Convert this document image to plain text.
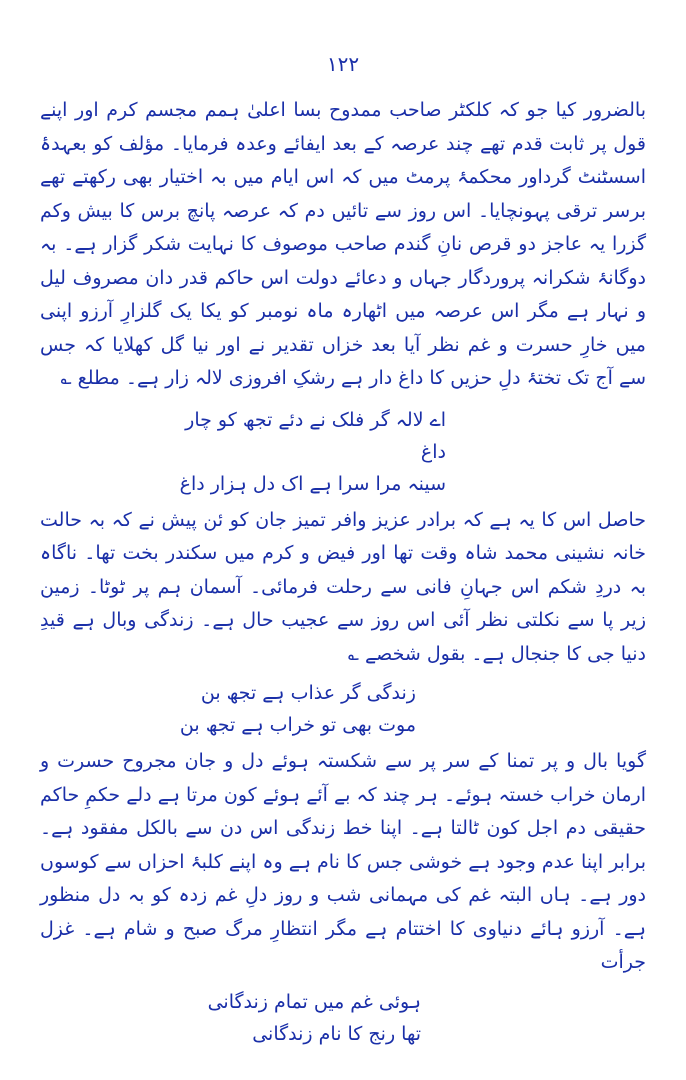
۱۲۲

بالضرور کیا جو کہ کلکٹر صاحب ممدوح بسا اعلیٰ ہمم مجسم کرم اور اپنے قول پر ثابت قدم تھے چند عرصہ کے بعد ایفائے وعدہ فرمایا۔ مؤلف کو بعہدۂ اسسٹنٹ گرداور محکمۂ پرمٹ میں کہ اس ایام میں بہ اختیار بھی رکھتے تھے برسر ترقی پہونچایا۔ اس روز سے تائیں دم کہ عرصہ پانچ برس کا بیش وکم گزرا یہ عاجز دو قرص نانِ گندم صاحب موصوف کا نہایت شکر گزار ہے۔ بہ دوگانۂ شکرانہ پروردگار جہاں و دعائے دولت اس حاکم قدر دان مصروف لیل و نہار ہے مگر اس عرصہ میں اٹھارہ ماہ نومبر کو یکا یک گلزارِ آرزو اپنی میں خارِ حسرت و غم نظر آیا بعد خزاں تقدیر نے اور نیا گل کھلایا کہ جس سے آج تک تختۂ دلِ حزیں کا داغ دار ہے رشکِ افروزی لالہ زار ہے۔ مطلع ؎

اے لالہ گر فلک نے دئے تجھ کو چار داغ
سینہ مرا سرا ہے اک دل ہزار داغ

حاصل اس کا یہ ہے کہ برادر عزیز وافر تمیز جان کو ئن پیش نے کہ بہ حالت خانہ نشینی محمد شاہ وقت تھا اور فیض و کرم میں سکندر بخت تھا۔ ناگاہ بہ دردِ شکم اس جہانِ فانی سے رحلت فرمائی۔ آسمان ہم پر ٹوٹا۔ زمین زیر پا سے نکلتی نظر آئی اس روز سے عجیب حال ہے۔ زندگی وبال ہے قیدِ دنیا جی کا جنجال ہے۔ بقول شخصے ؎

زندگی گر عذاب ہے تجھ بن
موت بھی تو خراب ہے تجھ بن

گویا بال و پر تمنا کے سر پر سے شکستہ ہوئے دل و جان مجروح حسرت و ارمان خراب خستہ ہوئے۔ ہر چند کہ بے آئے ہوئے کون مرتا ہے دلے حکمِ حاکم حقیقی دم اجل کون ٹالتا ہے۔ اپنا خط زندگی اس دن سے بالکل مفقود ہے۔ برابر اپنا عدم وجود ہے خوشی جس کا نام ہے وہ اپنے کلبۂ احزاں سے کوسوں دور ہے۔ ہاں البتہ غم کی مہمانی شب و روز دلِ غم زدہ کو بہ دل منظور ہے۔ آرزو ہائے دنیاوی کا اختتام ہے مگر انتظارِ مرگ صبح و شام ہے۔ غزل جرأت

ہوئی غم میں تمام زندگانی
تھا رنج کا نام زندگانی
